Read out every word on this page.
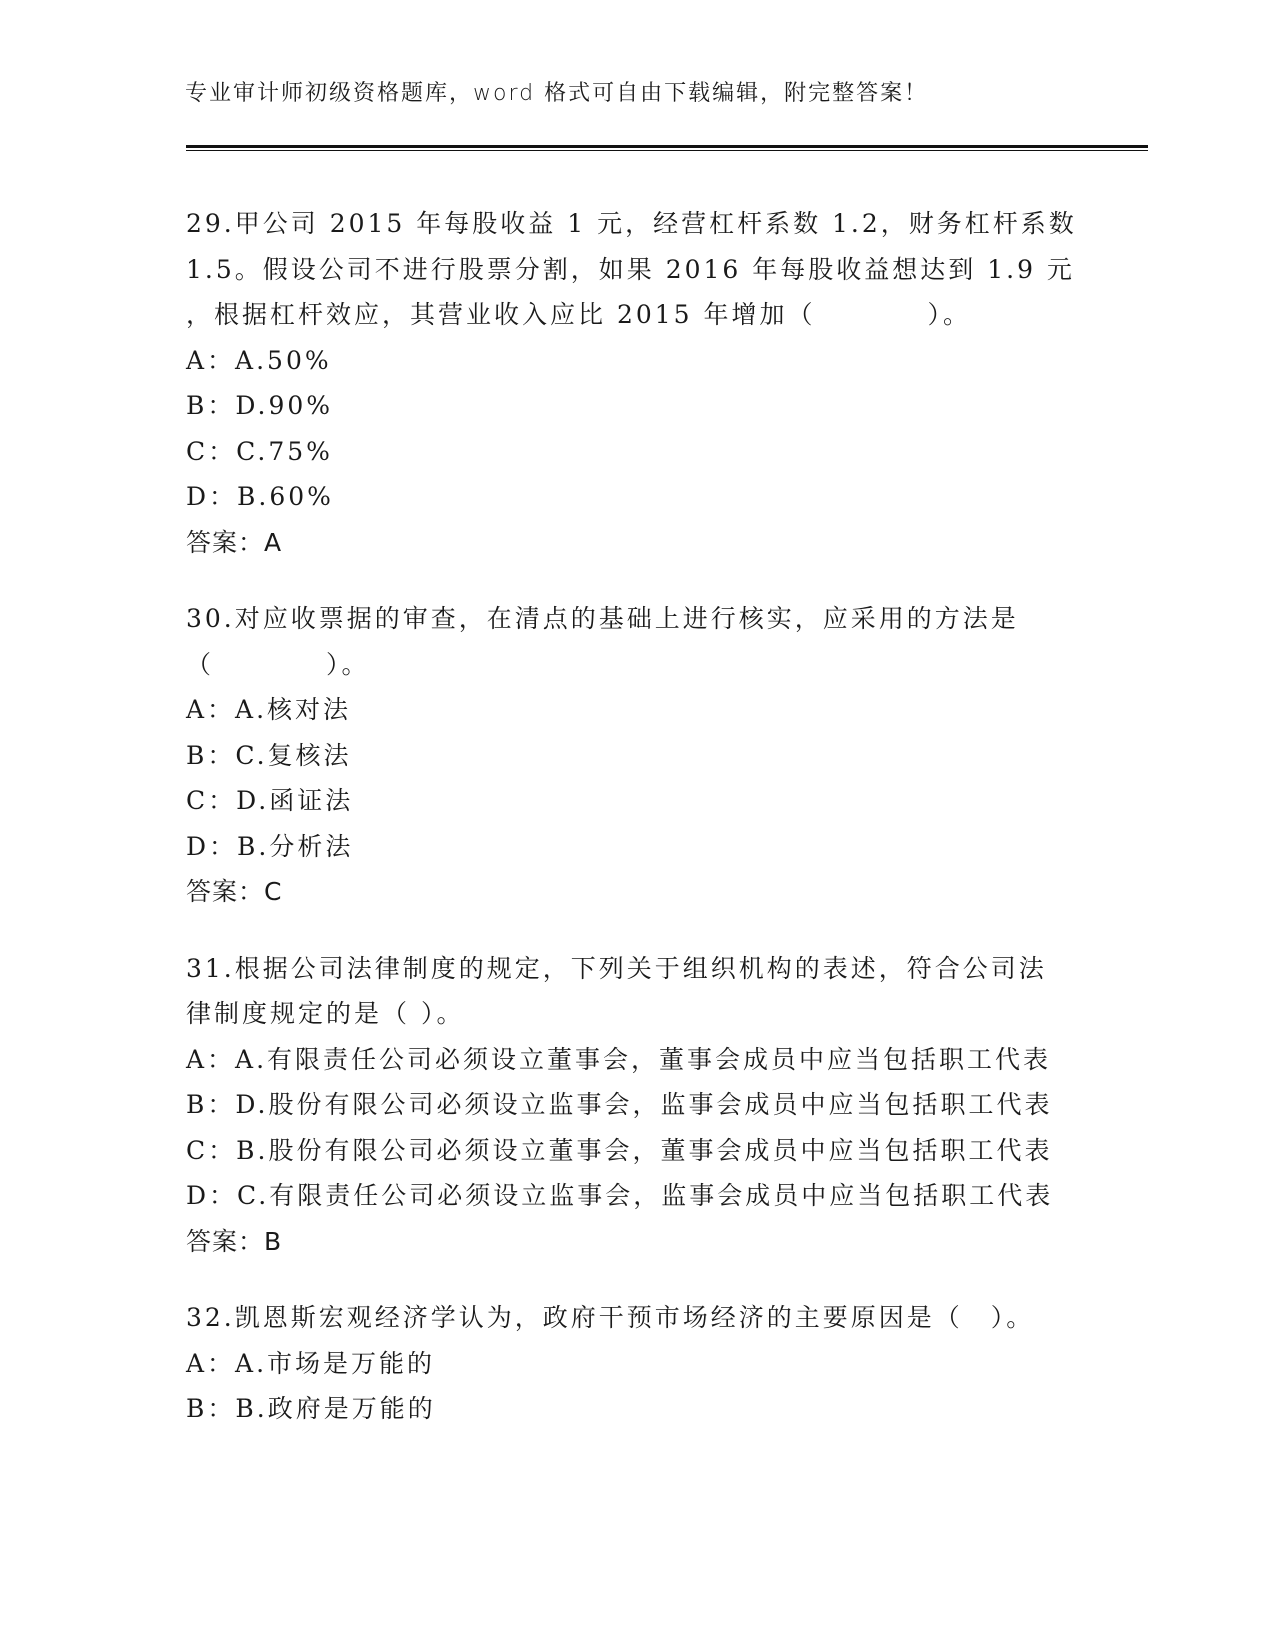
专业审计师初级资格题库，word 格式可自由下载编辑，附完整答案！
29.甲公司 2015 年每股收益 1 元，经营杠杆系数 1.2，财务杠杆系数
1.5。假设公司不进行股票分割，如果 2016 年每股收益想达到 1.9 元
，根据杠杆效应，其营业收入应比 2015 年增加（　　　　）。
A：A.50%
B：D.90%
C：C.75%
D：B.60%
答案：A
30.对应收票据的审查，在清点的基础上进行核实，应采用的方法是
（　　　　）。
A：A.核对法
B：C.复核法
C：D.函证法
D：B.分析法
答案：C
31.根据公司法律制度的规定，下列关于组织机构的表述，符合公司法
律制度规定的是（ ）。
A：A.有限责任公司必须设立董事会，董事会成员中应当包括职工代表
B：D.股份有限公司必须设立监事会，监事会成员中应当包括职工代表
C：B.股份有限公司必须设立董事会，董事会成员中应当包括职工代表
D：C.有限责任公司必须设立监事会，监事会成员中应当包括职工代表
答案：B
32.凯恩斯宏观经济学认为，政府干预市场经济的主要原因是（　）。
A：A.市场是万能的
B：B.政府是万能的
